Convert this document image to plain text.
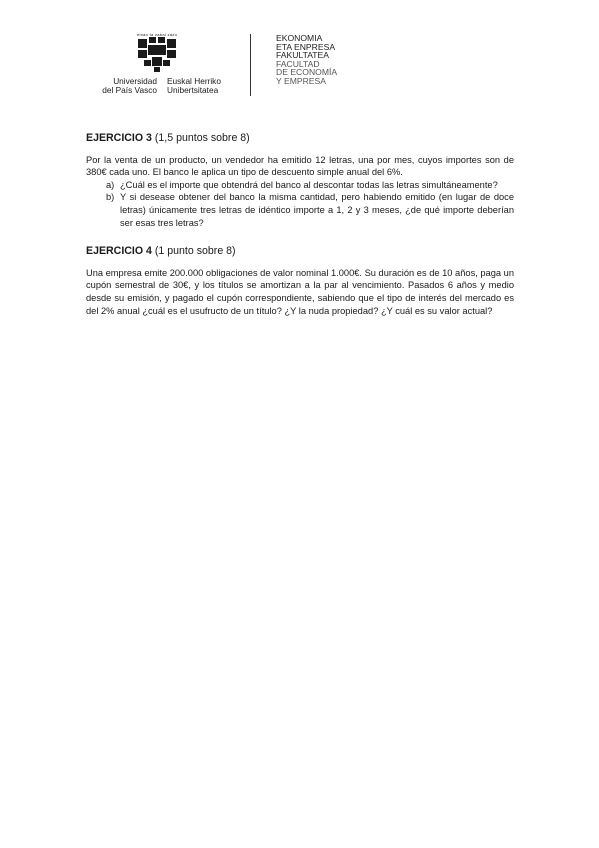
eman ta zabal zazu
Universidad
del País Vasco
Euskal Herriko
Unibertsitatea
EKONOMIA
ETA ENPRESA
FAKULTATEA
FACULTAD
DE ECONOMÍA
Y EMPRESA
EJERCICIO 3 (1,5 puntos sobre 8)

Por la venta de un producto, un vendedor ha emitido 12 letras, una por mes, cuyos importes son de 380€ cada uno. El banco le aplica un tipo de descuento simple anual del 6%.

a) ¿Cuál es el importe que obtendrá del banco al descontar todas las letras simultáneamente?
b) Y si desease obtener del banco la misma cantidad, pero habiendo emitido (en lugar de doce letras) únicamente tres letras de idéntico importe a 1, 2 y 3 meses, ¿de qué importe deberían ser esas tres letras?
EJERCICIO 4 (1 punto sobre 8)

Una empresa emite 200.000 obligaciones de valor nominal 1.000€. Su duración es de 10 años, paga un cupón semestral de 30€, y los títulos se amortizan a la par al vencimiento. Pasados 6 años y medio desde su emisión, y pagado el cupón correspondiente, sabiendo que el tipo de interés del mercado es del 2% anual ¿cuál es el usufructo de un título? ¿Y la nuda propiedad? ¿Y cuál es su valor actual?
